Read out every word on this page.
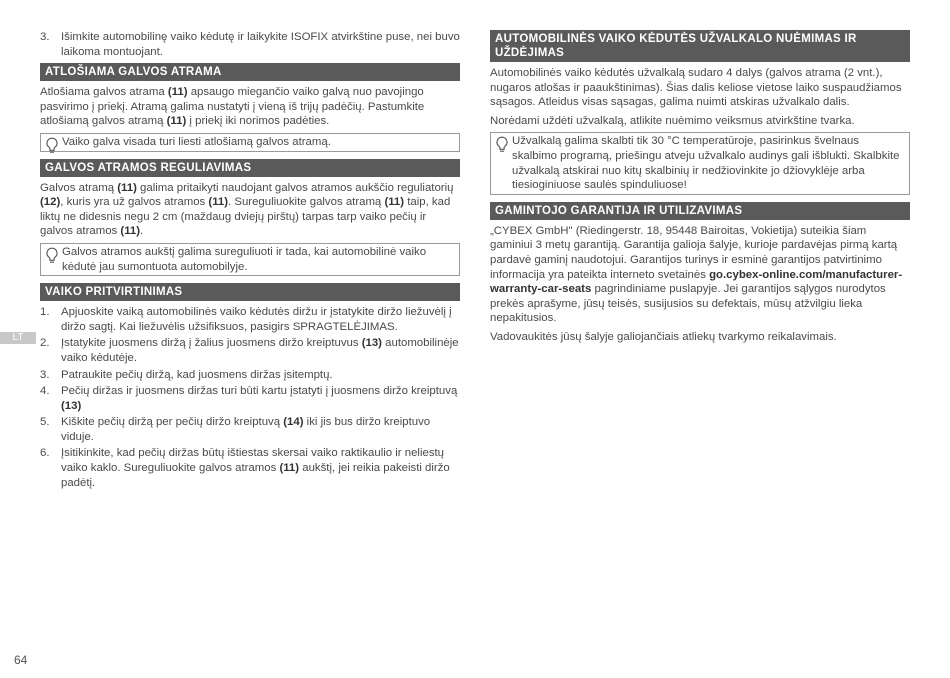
LT
3. Išimkite automobilinę vaiko kėdutę ir laikykite ISOFIX atvirkštine puse, nei buvo laikoma montuojant.
ATLOŠIAMA GALVOS ATRAMA

Atlošiama galvos atrama (11) apsaugo miegančio vaiko galvą nuo pavojingo pasvirimo į priekį. Atramą galima nustatyti į vieną iš trijų padėčių. Pastumkite atlošiamą galvos atramą (11) į priekį iki norimos padėties.

Vaiko galva visada turi liesti atlošiamą galvos atramą.
GALVOS ATRAMOS REGULIAVIMAS

Galvos atramą (11) galima pritaikyti naudojant galvos atramos aukščio reguliatorių (12), kuris yra už galvos atramos (11). Sureguliuokite galvos atramą (11) taip, kad liktų ne didesnis negu 2 cm (maždaug dviejų pirštų) tarpas tarp vaiko pečių ir galvos atramos (11).

Galvos atramos aukštį galima sureguliuoti ir tada, kai automobilinė vaiko kėdutė jau sumontuota automobilyje.
VAIKO PRITVIRTINIMAS
1. Apjuoskite vaiką automobilinės vaiko kėdutės diržu ir įstatykite diržo liežuvėlį į diržo sagtį. Kai liežuvėlis užsifiksuos, pasigirs SPRAGTELĖJIMAS.
2. Įstatykite juosmens diržą į žalius juosmens diržo kreiptuvus (13) automobilinėje vaiko kėdutėje.
3. Patraukite pečių diržą, kad juosmens diržas įsitemptų.
4. Pečių diržas ir juosmens diržas turi būti kartu įstatyti į juosmens diržo kreiptuvą (13)
5. Kiškite pečių diržą per pečių diržo kreiptuvą (14) iki jis bus diržo kreiptuvo viduje.
6. Įsitikinkite, kad pečių diržas būtų ištiestas skersai vaiko raktikaulio ir neliestų vaiko kaklo. Sureguliuokite galvos atramos (11) aukštį, jei reikia pakeisti diržo padėtį.
AUTOMOBILINĖS VAIKO KĖDUTĖS UŽVALKALO NUĖMIMAS IR UŽDĖJIMAS

Automobilinės vaiko kėdutės užvalkalą sudaro 4 dalys (galvos atrama (2 vnt.), nugaros atlošas ir paaukštinimas). Šias dalis keliose vietose laiko suspaudžiamos sąsagos. Atleidus visas sąsagas, galima nuimti atskiras užvalkalo dalis.

Norėdami uždėti užvalkalą, atlikite nuėmimo veiksmus atvirkštine tvarka.

Užvalkalą galima skalbti tik 30 °C temperatūroje, pasirinkus švelnaus skalbimo programą, priešingu atveju užvalkalo audinys gali išblukti. Skalbkite užvalkalą atskirai nuo kitų skalbinių ir nedžiovinkite jo džiovyklėje arba tiesioginiuose saulės spinduliuose!
GAMINTOJO GARANTIJA IR UTILIZAVIMAS

„CYBEX GmbH" (Riedingerstr. 18, 95448 Bairoitas, Vokietija) suteikia šiam gaminiui 3 metų garantiją. Garantija galioja šalyje, kurioje pardavėjas pirmą kartą pardavė gaminį naudotojui. Garantijos turinys ir esminė garantijos patvirtinimo informacija yra pateikta interneto svetainės go.cybex-online.com/manufacturer-warranty-car-seats pagrindiniame puslapyje. Jei garantijos sąlygos nurodytos prekės aprašyme, jūsų teisės, susijusios su defektais, mūsų atžvilgiu lieka nepakitusios.

Vadovaukitės jūsų šalyje galiojančiais atliekų tvarkymo reikalavimais.

64
